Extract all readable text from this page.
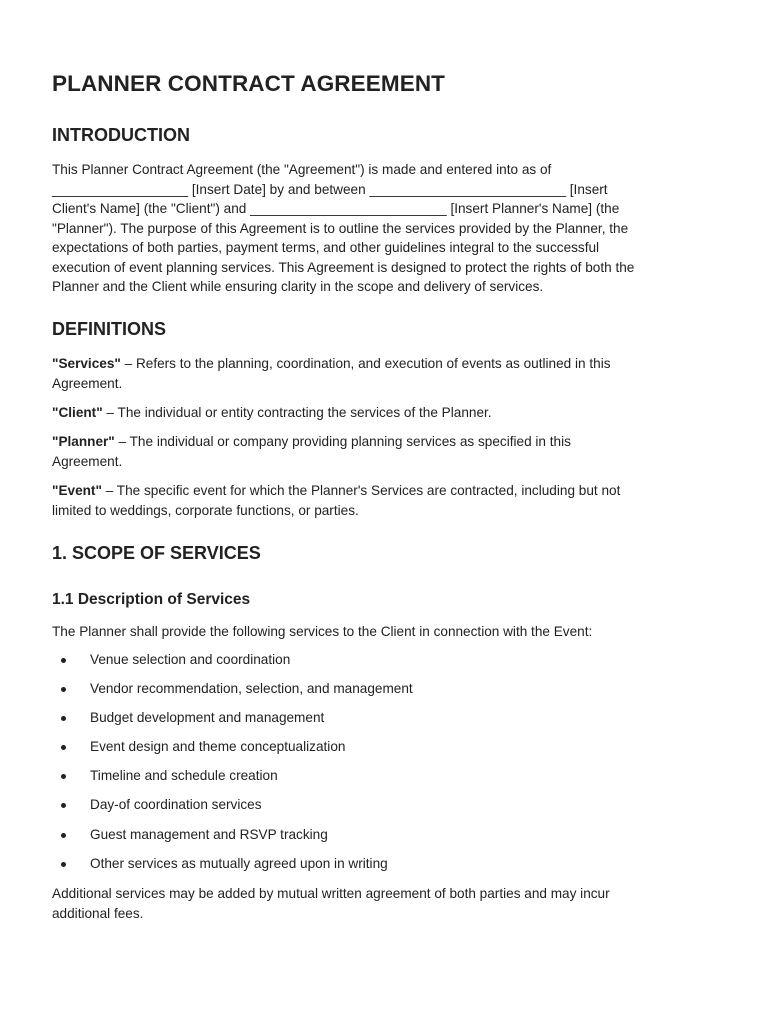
PLANNER CONTRACT AGREEMENT
INTRODUCTION
This Planner Contract Agreement (the "Agreement") is made and entered into as of
__________________ [Insert Date] by and between __________________________ [Insert
Client's Name] (the "Client") and __________________________ [Insert Planner's Name] (the
"Planner"). The purpose of this Agreement is to outline the services provided by the Planner, the
expectations of both parties, payment terms, and other guidelines integral to the successful
execution of event planning services. This Agreement is designed to protect the rights of both the
Planner and the Client while ensuring clarity in the scope and delivery of services.
DEFINITIONS
"Services" – Refers to the planning, coordination, and execution of events as outlined in this
Agreement.
"Client" – The individual or entity contracting the services of the Planner.
"Planner" – The individual or company providing planning services as specified in this
Agreement.
"Event" – The specific event for which the Planner's Services are contracted, including but not
limited to weddings, corporate functions, or parties.
1. SCOPE OF SERVICES
1.1 Description of Services
The Planner shall provide the following services to the Client in connection with the Event:
Venue selection and coordination
Vendor recommendation, selection, and management
Budget development and management
Event design and theme conceptualization
Timeline and schedule creation
Day-of coordination services
Guest management and RSVP tracking
Other services as mutually agreed upon in writing
Additional services may be added by mutual written agreement of both parties and may incur
additional fees.
